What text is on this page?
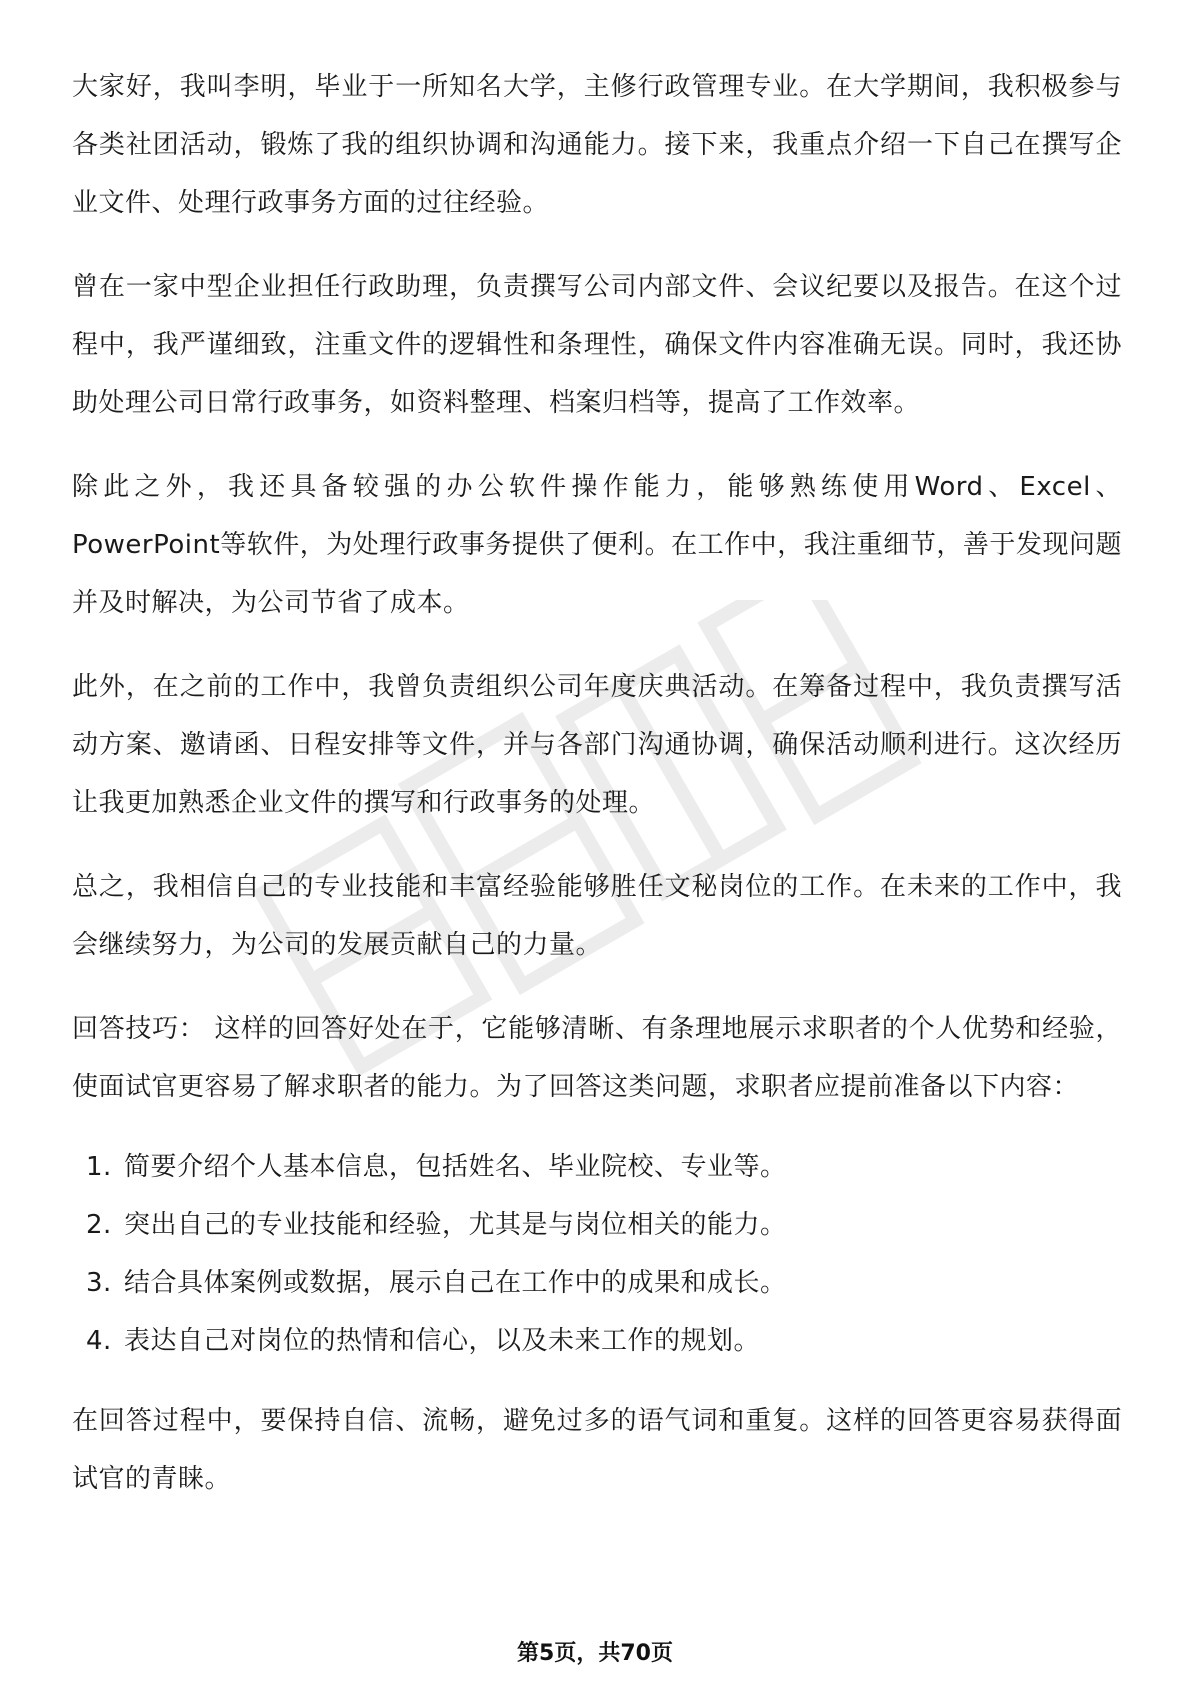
大家好，我叫李明，毕业于一所知名大学，主修行政管理专业。在大学期间，我积极参与各类社团活动，锻炼了我的组织协调和沟通能力。接下来，我重点介绍一下自己在撰写企业文件、处理行政事务方面的过往经验。

曾在一家中型企业担任行政助理，负责撰写公司内部文件、会议纪要以及报告。在这个过程中，我严谨细致，注重文件的逻辑性和条理性，确保文件内容准确无误。同时，我还协助处理公司日常行政事务，如资料整理、档案归档等，提高了工作效率。

除此之外，我还具备较强的办公软件操作能力，能够熟练使用Word、Excel、PowerPoint等软件，为处理行政事务提供了便利。在工作中，我注重细节，善于发现问题并及时解决，为公司节省了成本。

此外，在之前的工作中，我曾负责组织公司年度庆典活动。在筹备过程中，我负责撰写活动方案、邀请函、日程安排等文件，并与各部门沟通协调，确保活动顺利进行。这次经历让我更加熟悉企业文件的撰写和行政事务的处理。

总之，我相信自己的专业技能和丰富经验能够胜任文秘岗位的工作。在未来的工作中，我会继续努力，为公司的发展贡献自己的力量。

回答技巧： 这样的回答好处在于，它能够清晰、有条理地展示求职者的个人优势和经验，使面试官更容易了解求职者的能力。为了回答这类问题，求职者应提前准备以下内容：

1. 简要介绍个人基本信息，包括姓名、毕业院校、专业等。
2. 突出自己的专业技能和经验，尤其是与岗位相关的能力。
3. 结合具体案例或数据，展示自己在工作中的成果和成长。
4. 表达自己对岗位的热情和信心，以及未来工作的规划。

在回答过程中，要保持自信、流畅，避免过多的语气词和重复。这样的回答更容易获得面试官的青睐。

第5页，共70页
